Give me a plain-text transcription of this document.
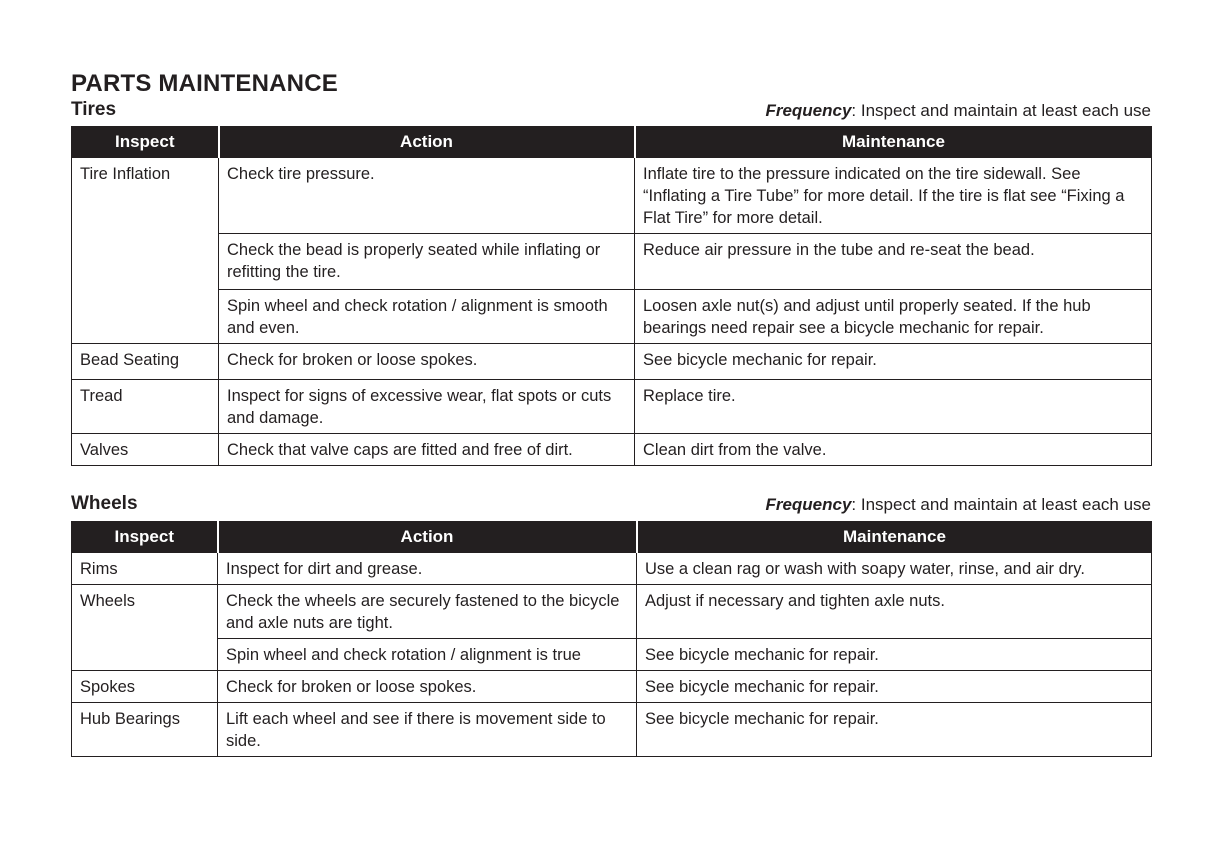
PARTS MAINTENANCE
Tires	Frequency: Inspect and maintain at least each use
Inspect	Action	Maintenance
Tire Inflation	Check tire pressure.	Inflate tire to the pressure indicated on the tire sidewall. See “Inflating a Tire Tube” for more detail. If the tire is flat see “Fixing a Flat Tire” for more detail.
	Check the bead is properly seated while inflating or refitting the tire.	Reduce air pressure in the tube and re-seat the bead.
	Spin wheel and check rotation / alignment is smooth and even.	Loosen axle nut(s) and adjust until properly seated. If the hub bearings need repair see a bicycle mechanic for repair.
Bead Seating	Check for broken or loose spokes.	See bicycle mechanic for repair.
Tread	Inspect for signs of excessive wear, flat spots or cuts and damage.	Replace tire.
Valves	Check that valve caps are fitted and free of dirt.	Clean dirt from the valve.
Wheels	Frequency: Inspect and maintain at least each use
Inspect	Action	Maintenance
Rims	Inspect for dirt and grease.	Use a clean rag or wash with soapy water, rinse, and air dry.
Wheels	Check the wheels are securely fastened to the bicycle and axle nuts are tight.	Adjust if necessary and tighten axle nuts.
	Spin wheel and check rotation / alignment is true	See bicycle mechanic for repair.
Spokes	Check for broken or loose spokes.	See bicycle mechanic for repair.
Hub Bearings	Lift each wheel and see if there is movement side to side.	See bicycle mechanic for repair.
